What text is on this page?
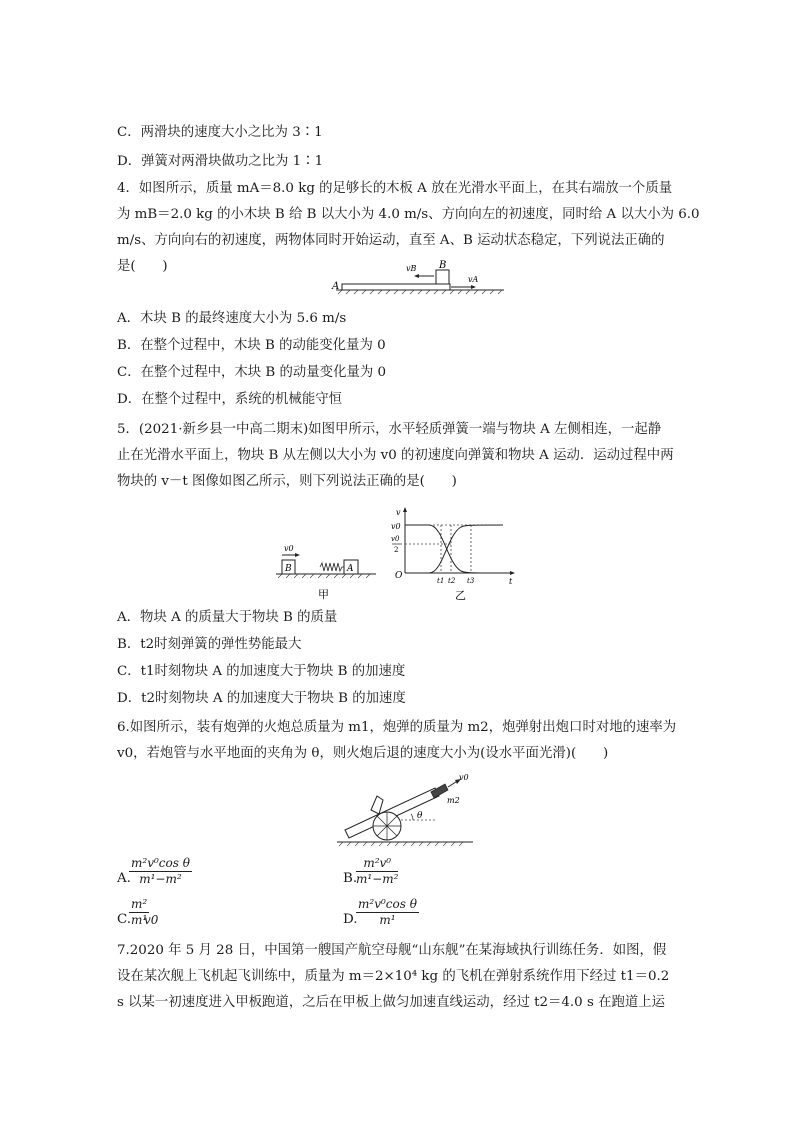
C．两滑块的速度大小之比为 3∶1
D．弹簧对两滑块做功之比为 1∶1
4．如图所示，质量 mA＝8.0 kg 的足够长的木板 A 放在光滑水平面上，在其右端放一个质量
为 mB＝2.0 kg 的小木块 B 给 B 以大小为 4.0 m/s、方向向左的初速度，同时给 A 以大小为 6.0
m/s、方向向右的初速度，两物体同时开始运动，直至 A、B 运动状态稳定，下列说法正确的
是(　　)
A
B
vB
vA
A．木块 B 的最终速度大小为 5.6 m/s
B．在整个过程中，木块 B 的动能变化量为 0
C．在整个过程中，木块 B 的动量变化量为 0
D．在整个过程中，系统的机械能守恒
5．(2021·新乡县一中高二期末)如图甲所示，水平轻质弹簧一端与物块 A 左侧相连，一起静
止在光滑水平面上，物块 B 从左侧以大小为 v0 的初速度向弹簧和物块 A 运动．运动过程中两
物块的 v－t 图像如图乙所示，则下列说法正确的是(　　)
v0
B	A
甲
v
t
O
v0
v0
2
t1 t2 t3
乙
A．物块 A 的质量大于物块 B 的质量
B．t2时刻弹簧的弹性势能最大
C．t1时刻物块 A 的加速度大于物块 B 的加速度
D．t2时刻物块 A 的加速度大于物块 B 的加速度
6.如图所示，装有炮弹的火炮总质量为 m1，炮弹的质量为 m2，炮弹射出炮口时对地的速率为
v0，若炮管与水平地面的夹角为 θ，则火炮后退的速度大小为(设水平面光滑)(　　)
v0
m2
θ
A.
$\frac{\text{m²v⁰cos θ}}{\text{m¹−m²}}$	B.
$\frac{\text{m²v⁰}}{\text{m¹−m²}}$
C.
$\frac{\text{m²}}{\text{m¹}}$
v0	D.
$\frac{\text{m²v⁰cos θ}}{\text{m¹}}$
7.2020 年 5 月 28 日，中国第一艘国产航空母舰“山东舰”在某海域执行训练任务．如图，假
设在某次舰上飞机起飞训练中，质量为 m＝2×10⁴ kg 的飞机在弹射系统作用下经过 t1＝0.2
s 以某一初速度进入甲板跑道，之后在甲板上做匀加速直线运动，经过 t2＝4.0 s 在跑道上运
